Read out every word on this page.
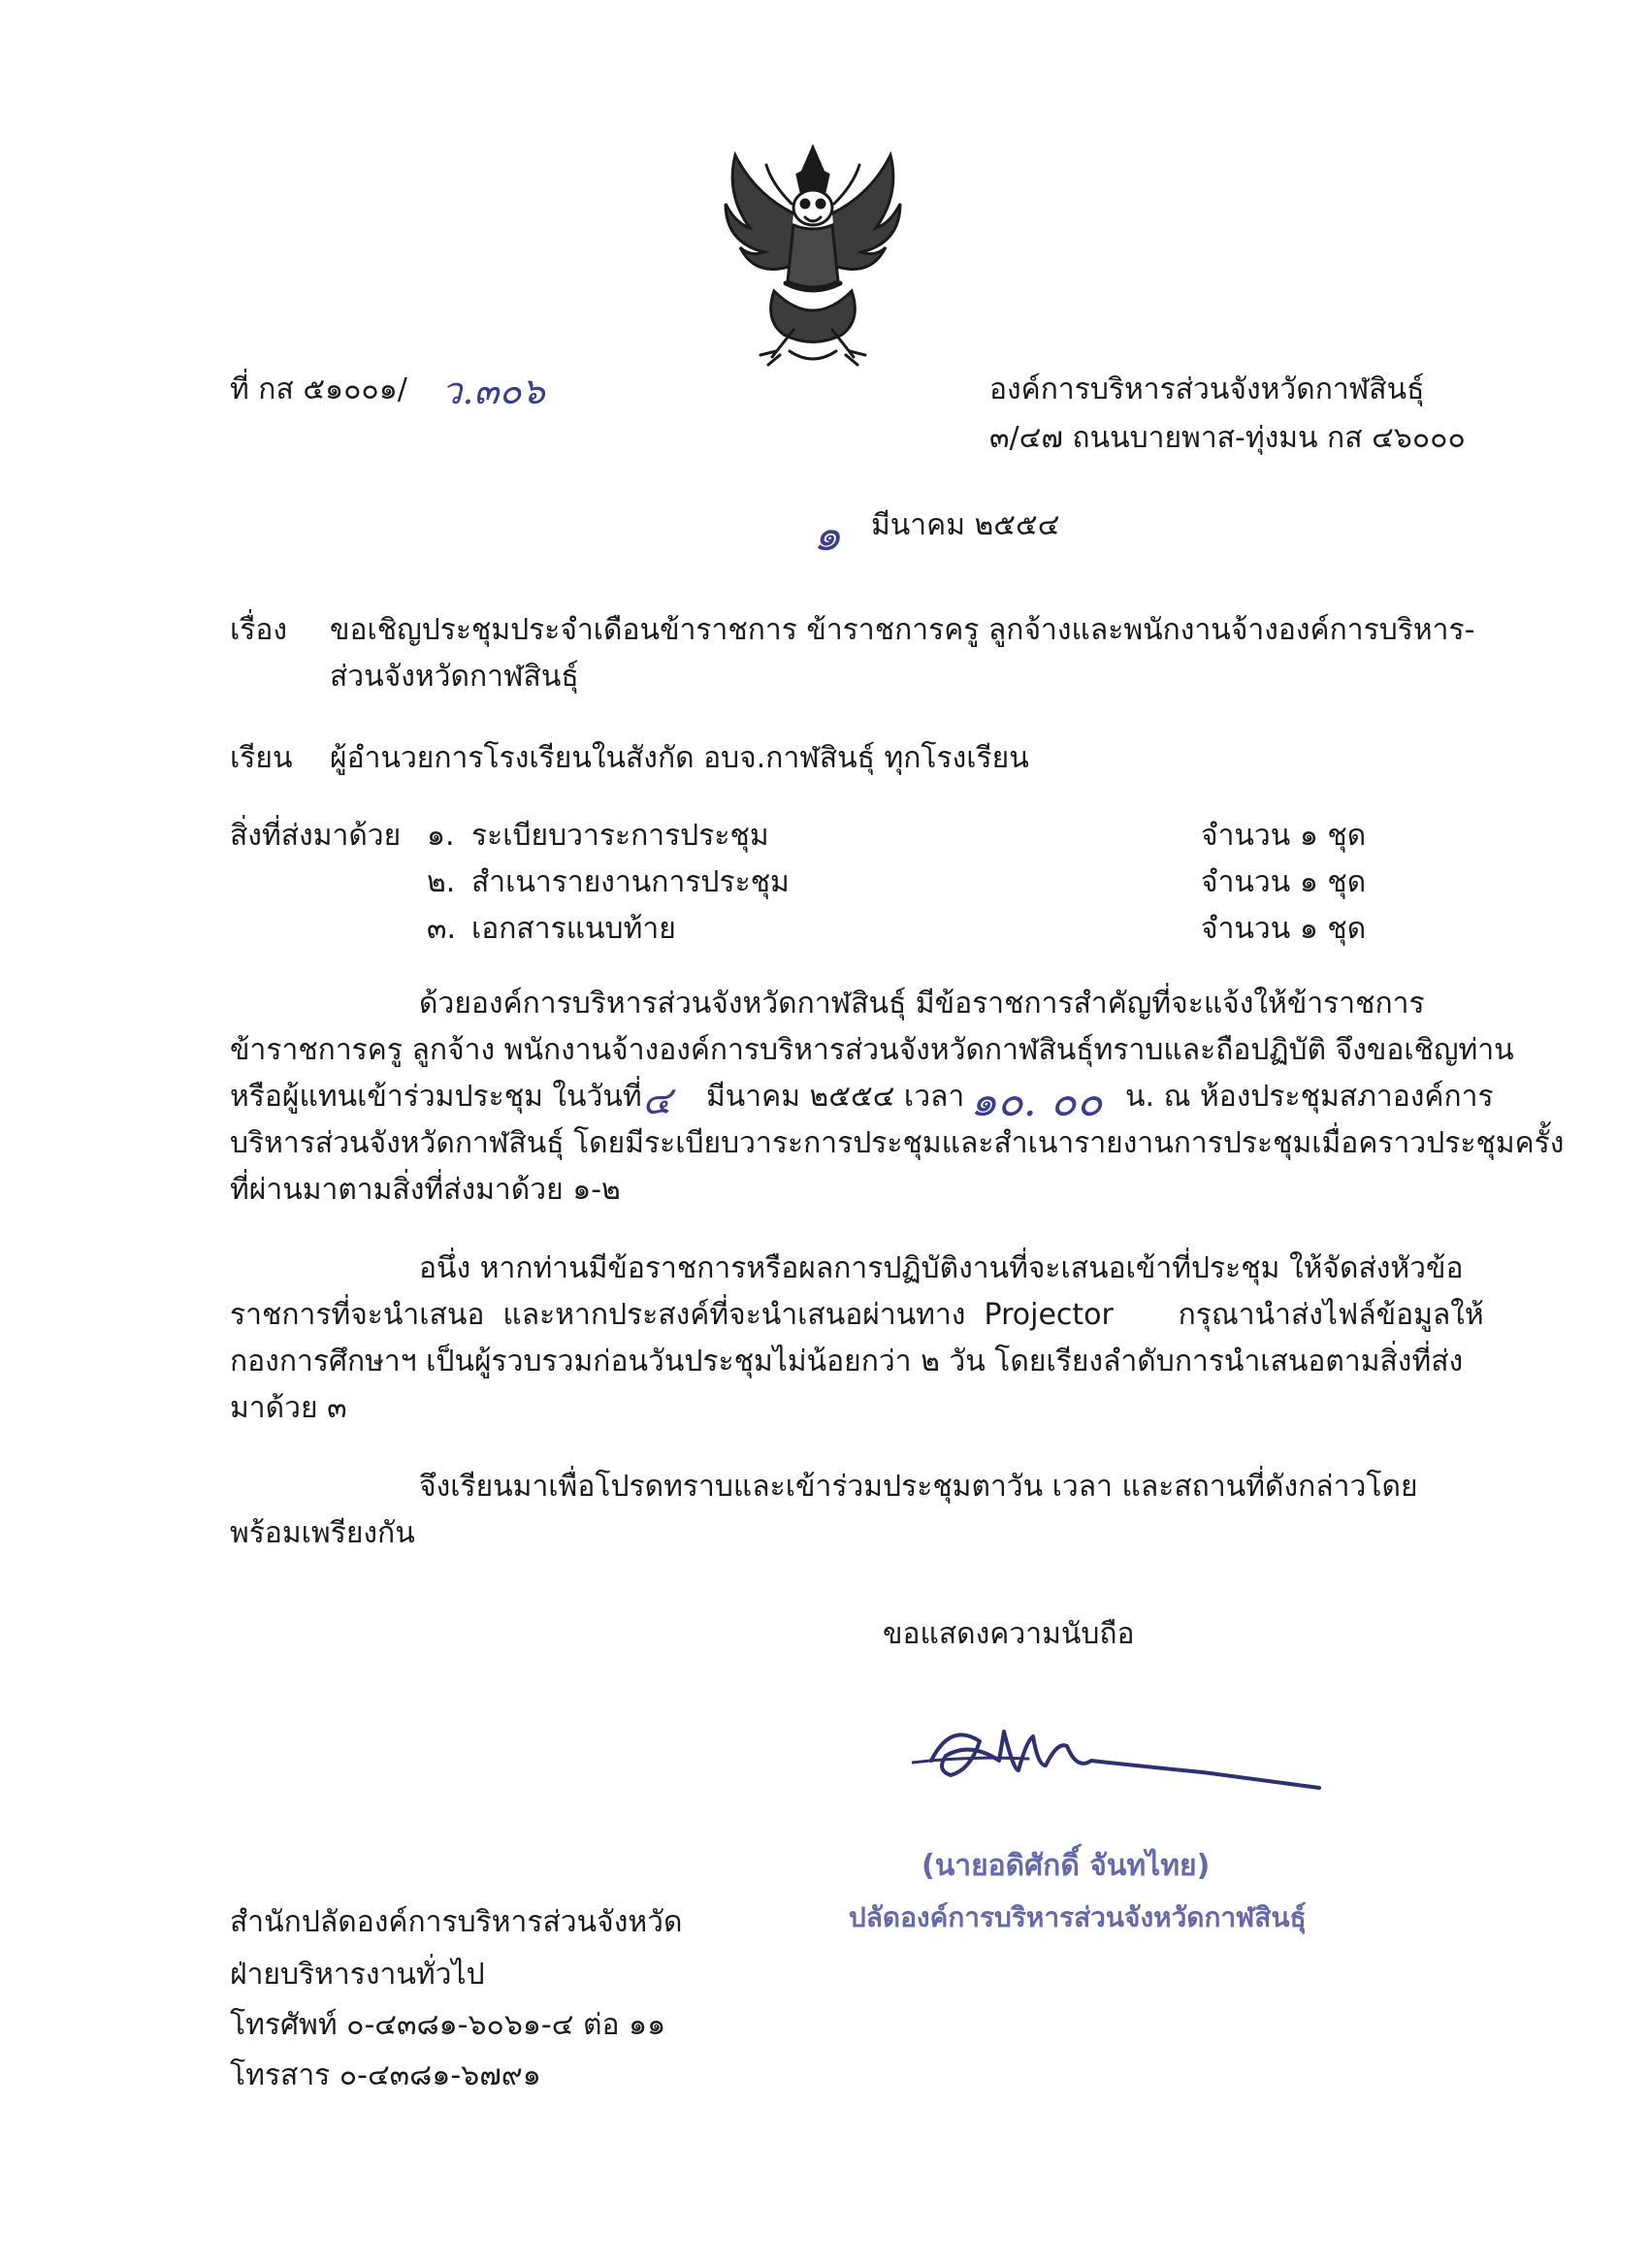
ที่ กส ๕๑๐๐๑/ ว.๓๐๖	องค์การบริหารส่วนจังหวัดกาฬสินธุ์
๓/๔๗ ถนนบายพาส-ทุ่งมน กส ๔๖๐๐๐
๑ มีนาคม ๒๕๕๔
เรื่อง ขอเชิญประชุมประจำเดือนข้าราชการ ข้าราชการครู ลูกจ้างและพนักงานจ้างองค์การบริหาร-
ส่วนจังหวัดกาฬสินธุ์
เรียน ผู้อำนวยการโรงเรียนในสังกัด อบจ.กาฬสินธุ์ ทุกโรงเรียน
สิ่งที่ส่งมาด้วย ๑. ระเบียบวาระการประชุม	จำนวน ๑ ชุด
๒. สำเนารายงานการประชุม	จำนวน ๑ ชุด
๓. เอกสารแนบท้าย	จำนวน ๑ ชุด
ด้วยองค์การบริหารส่วนจังหวัดกาฬสินธุ์ มีข้อราชการสำคัญที่จะแจ้งให้ข้าราชการ
ข้าราชการครู ลูกจ้าง พนักงานจ้างองค์การบริหารส่วนจังหวัดกาฬสินธุ์ทราบและถือปฏิบัติ จึงขอเชิญท่าน
หรือผู้แทนเข้าร่วมประชุม ในวันที่ ๔ มีนาคม ๒๕๕๔ เวลา ๑๐. ๐๐ น. ณ ห้องประชุมสภาองค์การ
บริหารส่วนจังหวัดกาฬสินธุ์ โดยมีระเบียบวาระการประชุมและสำเนารายงานการประชุมเมื่อคราวประชุมครั้ง
ที่ผ่านมาตามสิ่งที่ส่งมาด้วย ๑-๒
อนึ่ง หากท่านมีข้อราชการหรือผลการปฏิบัติงานที่จะเสนอเข้าที่ประชุม ให้จัดส่งหัวข้อ
ราชการที่จะนำเสนอ  และหากประสงค์ที่จะนำเสนอผ่านทาง  Projector       กรุณานำส่งไฟล์ข้อมูลให้
กองการศึกษาฯ เป็นผู้รวบรวมก่อนวันประชุมไม่น้อยกว่า ๒ วัน โดยเรียงลำดับการนำเสนอตามสิ่งที่ส่ง
มาด้วย ๓
จึงเรียนมาเพื่อโปรดทราบและเข้าร่วมประชุมตาวัน เวลา และสถานที่ดังกล่าวโดย
พร้อมเพรียงกัน
ขอแสดงความนับถือ
(นายอดิศักดิ์ จันทไทย)
ปลัดองค์การบริหารส่วนจังหวัดกาฬสินธุ์
สำนักปลัดองค์การบริหารส่วนจังหวัด
ฝ่ายบริหารงานทั่วไป
โทรศัพท์ ๐-๔๓๘๑-๖๐๖๑-๔ ต่อ ๑๑
โทรสาร ๐-๔๓๘๑-๖๗๙๑
